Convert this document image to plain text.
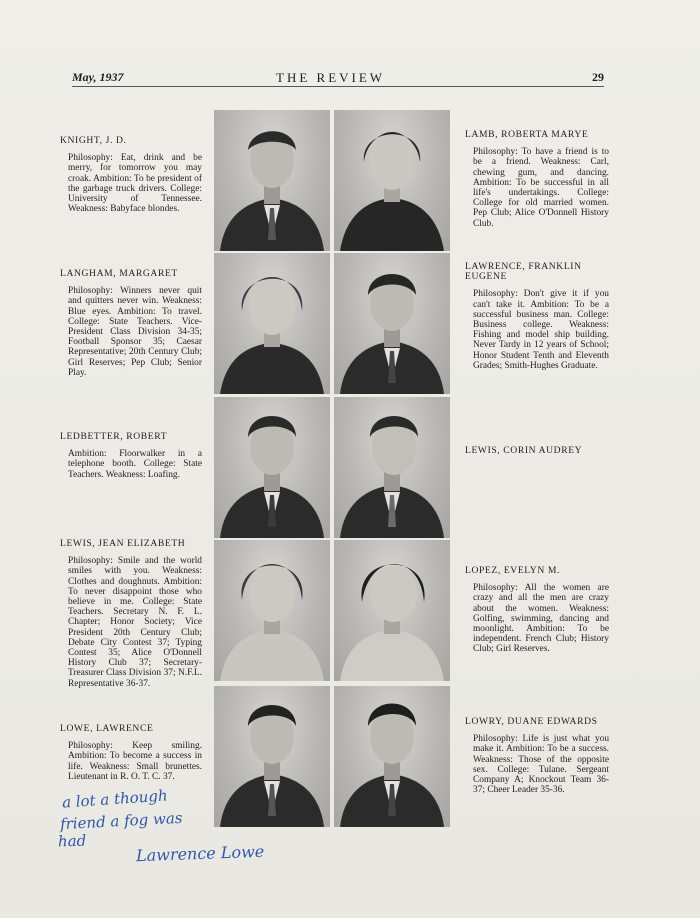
May, 1937	THE REVIEW	29
KNIGHT, J. D.
Philosophy: Eat, drink and be merry, for tomorrow you may croak. Ambition: To be president of the garbage truck drivers. College: University of Tennessee. Weakness: Babyface blondes.
LANGHAM, MARGARET
Philosophy: Winners never quit and quitters never win. Weakness: Blue eyes. Ambition: To travel. College: State Teachers. Vice-President Class Division 34-35; Football Sponsor 35; Caesar Representative; 20th Century Club; Girl Reserves; Pep Club; Senior Play.
LEDBETTER, ROBERT
Ambition: Floorwalker in a telephone booth. College: State Teachers. Weakness: Loafing.
LEWIS, JEAN ELIZABETH
Philosophy: Smile and the world smiles with you. Weakness: Clothes and doughnuts. Ambition: To never disappoint those who believe in me. College: State Teachers. Secretary N. F. L. Chapter; Honor Society; Vice President 20th Century Club; Debate City Contest 37; Typing Contest 35; Alice O'Donnell History Club 37; Secretary-Treasurer Class Division 37; N.F.L. Representative 36-37.
LOWE, LAWRENCE
Philosophy: Keep smiling. Ambition: To become a success in life. Weakness: Small brunettes. Lieutenant in R. O. T. C. 37.
LAMB, ROBERTA MARYE
Philosophy: To have a friend is to be a friend. Weakness: Carl, chewing gum, and dancing. Ambition: To be successful in all life's undertakings. College: College for old married women. Pep Club; Alice O'Donnell History Club.
LAWRENCE, FRANKLIN EUGENE
Philosophy: Don't give it if you can't take it. Ambition: To be a successful business man. College: Business college. Weakness: Fishing and model ship building. Never Tardy in 12 years of School; Honor Student Tenth and Eleventh Grades; Smith-Hughes Graduate.
LEWIS, CORIN AUDREY
LOPEZ, EVELYN M.
Philosophy: All the women are crazy and all the men are crazy about the women. Weakness: Golfing, swimming, dancing and moonlight. Ambition: To be independent. French Club; History Club; Girl Reserves.
LOWRY, DUANE EDWARDS
Philosophy: Life is just what you make it. Ambition: To be a success. Weakness: Those of the opposite sex. College: Tulane. Sergeant Company A; Knockout Team 36-37; Cheer Leader 35-36.
a lot a though
friend a fog was
had
Lawrence Lowe
